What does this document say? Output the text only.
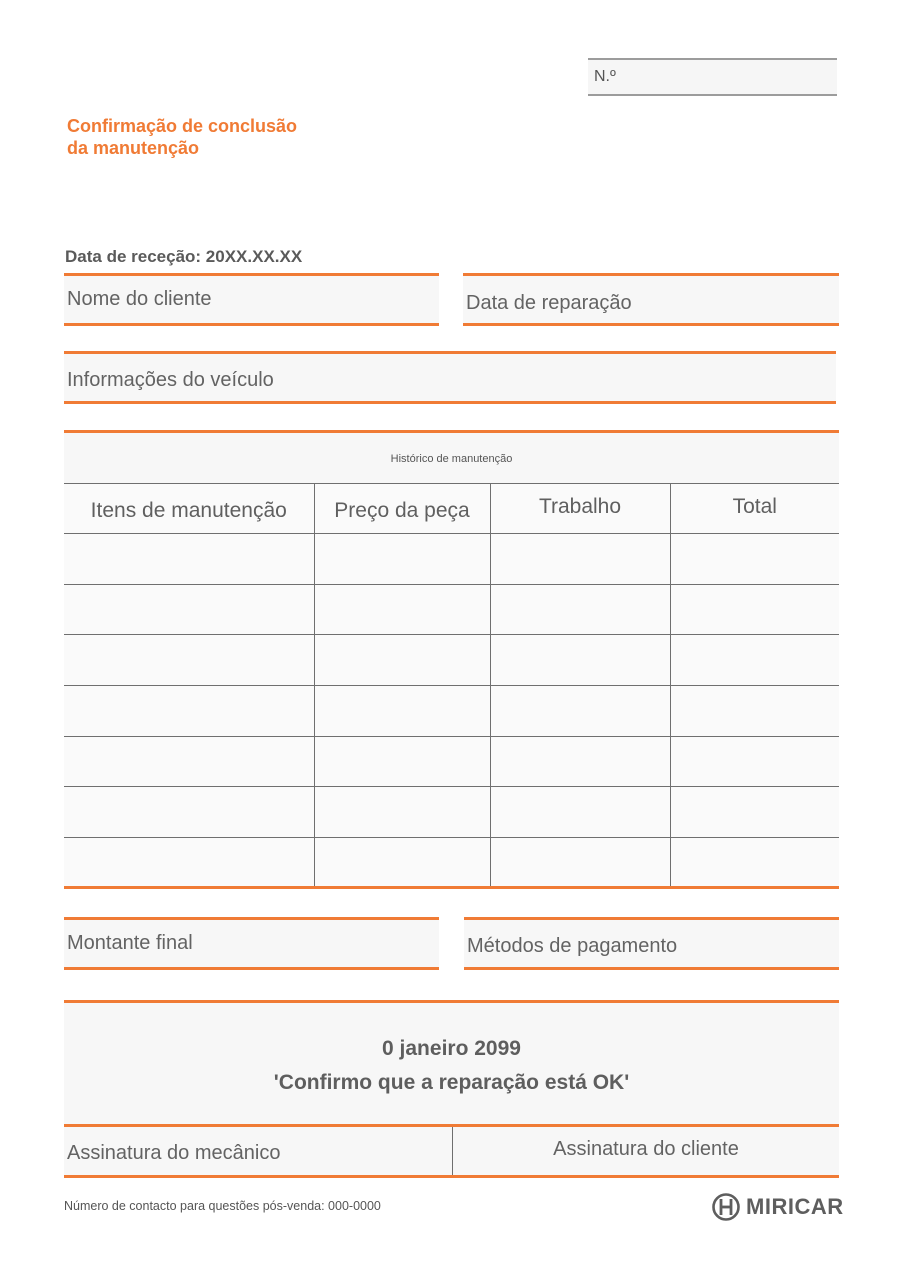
N.º
Confirmação de conclusão
da manutenção
Data de receção: 20XX.XX.XX
Nome do cliente	Data de reparação
Informações do veículo
Histórico de manutenção
Itens de manutenção	Preço da peça	Trabalho	Total

Montante final	Métodos de pagamento
0 janeiro 2099
'Confirmo que a reparação está OK'
Assinatura do mecânico	Assinatura do cliente
Número de contacto para questões pós-venda: 000-0000	MIRICAR
